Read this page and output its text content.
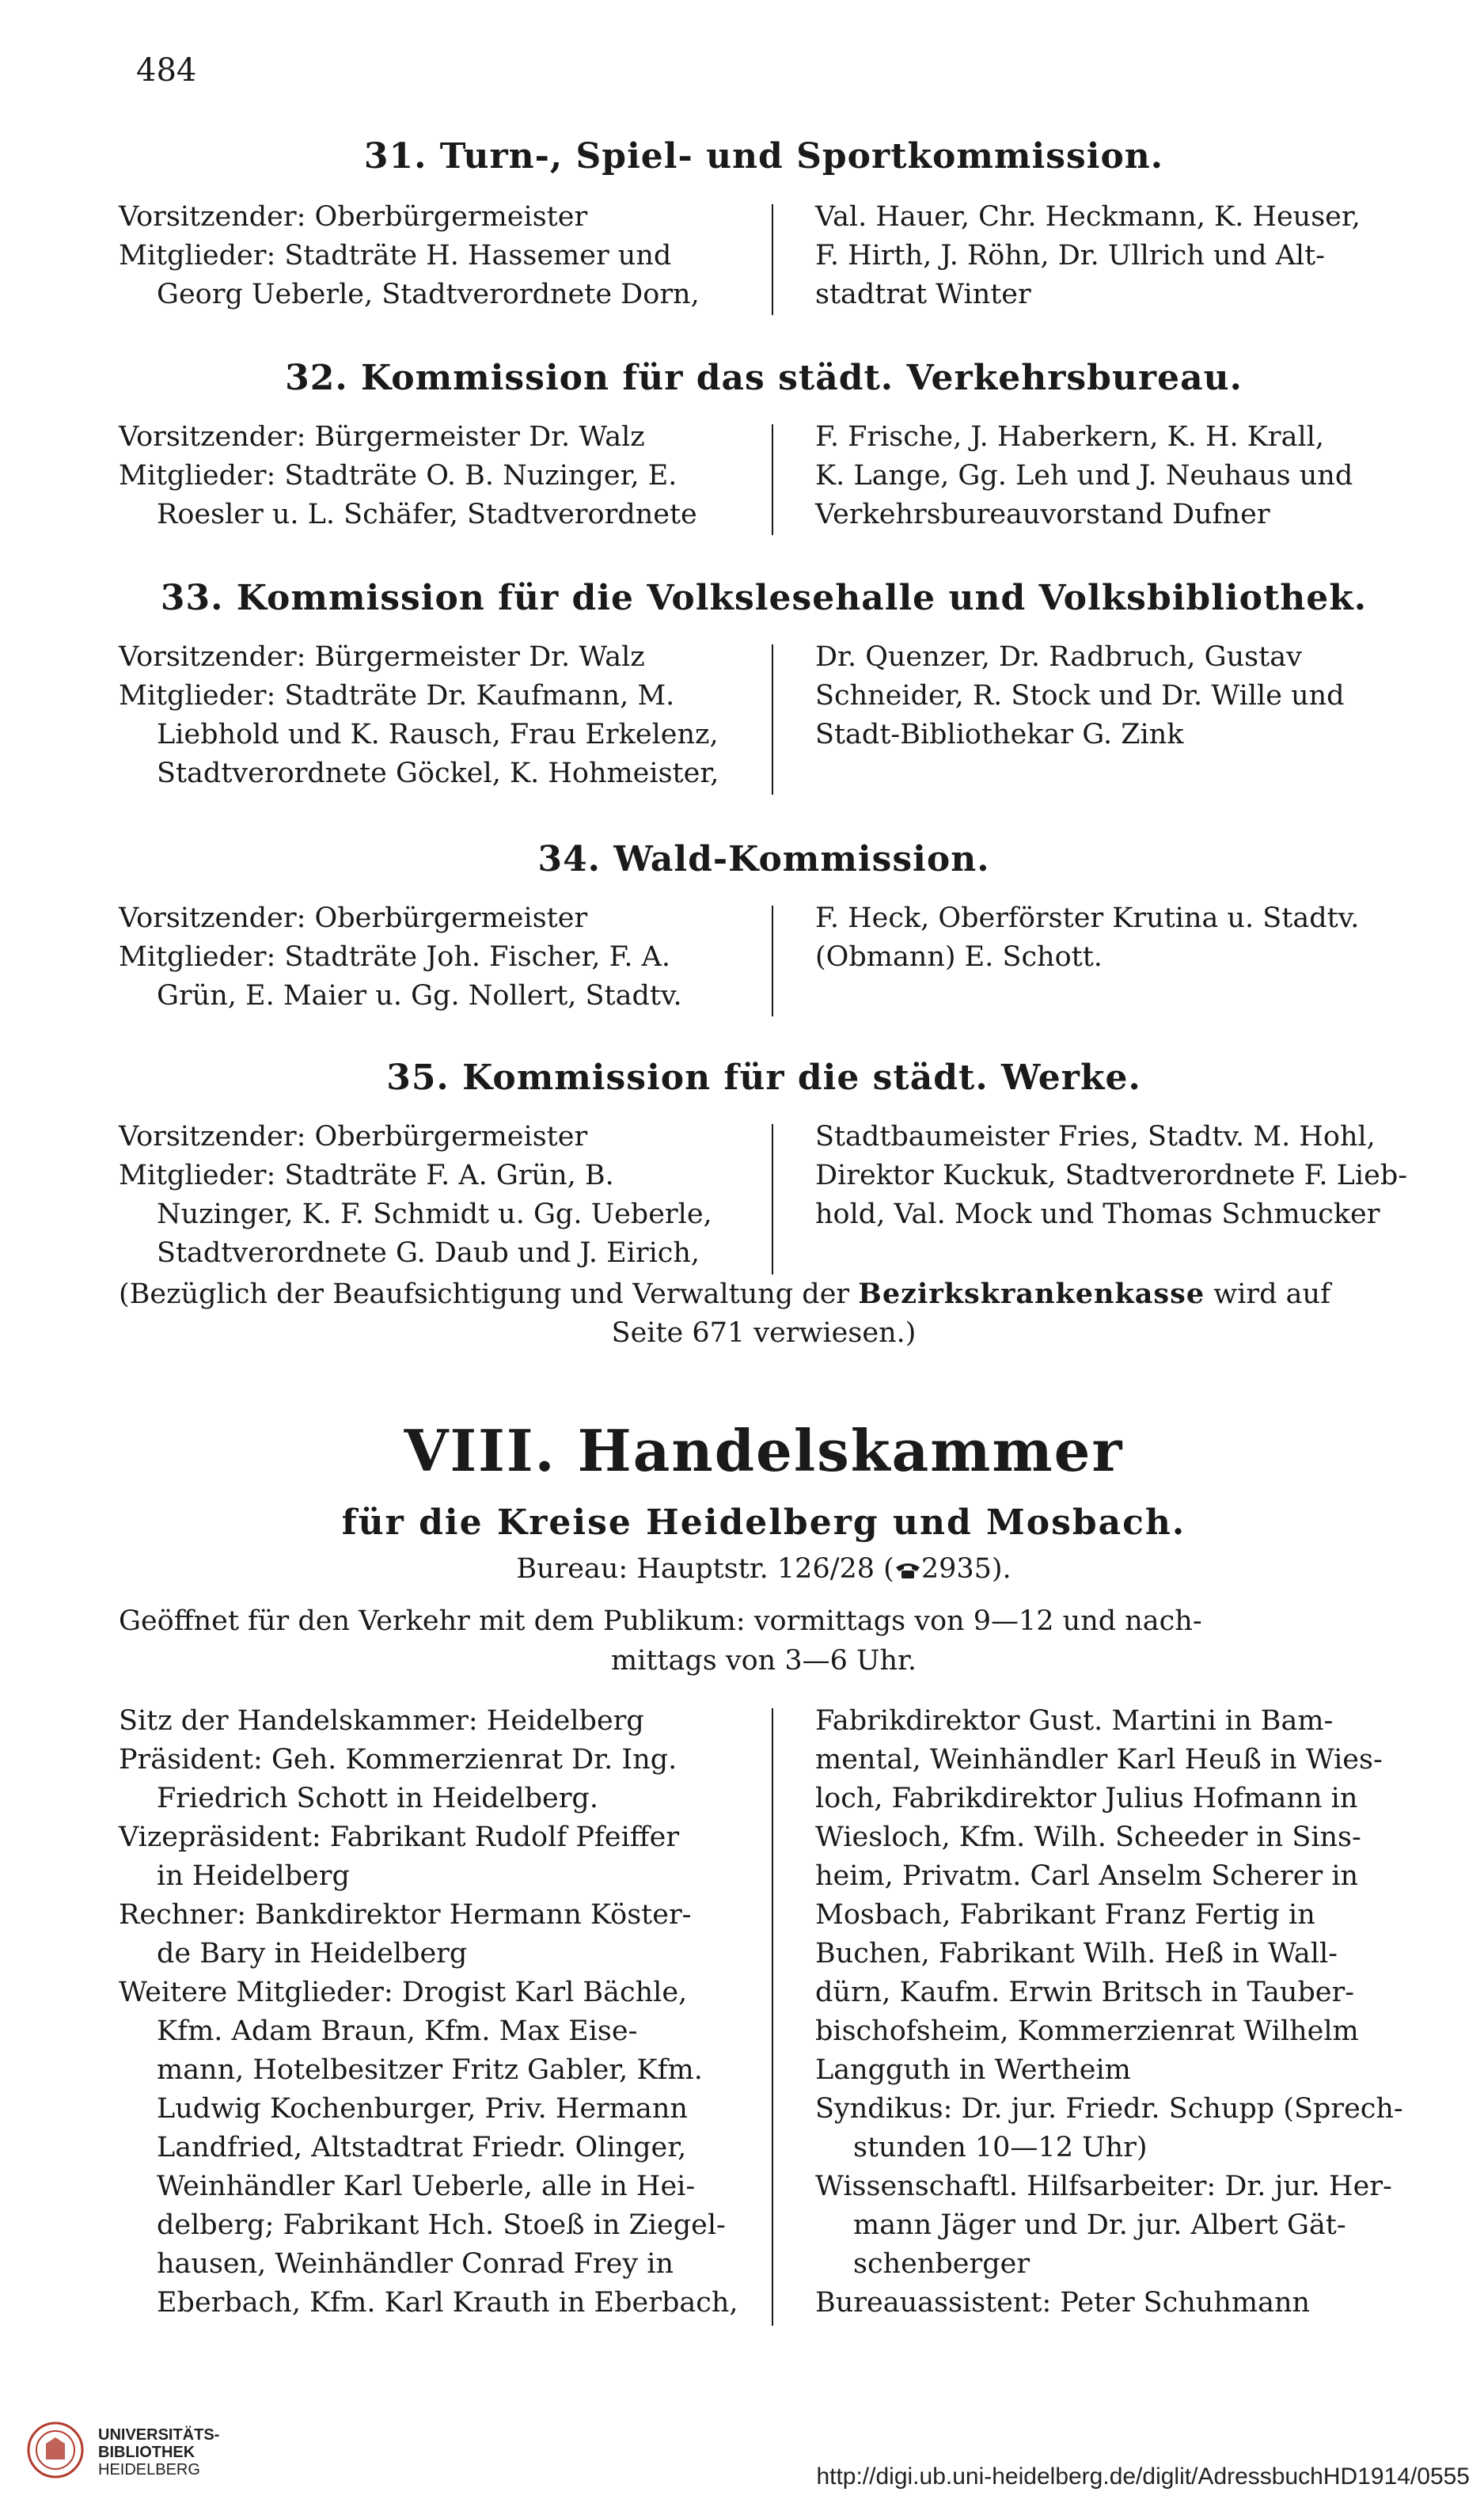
484
31. Turn-, Spiel- und Sportkommission.
Vorsitzender: Oberbürgermeister
Mitglieder: Stadträte H. Hassemer und
Georg Ueberle, Stadtverordnete Dorn,
Val. Hauer, Chr. Heckmann, K. Heuser,
F. Hirth, J. Röhn, Dr. Ullrich und Alt-
stadtrat Winter
32. Kommission für das städt. Verkehrsbureau.
Vorsitzender: Bürgermeister Dr. Walz
Mitglieder: Stadträte O. B. Nuzinger, E.
Roesler u. L. Schäfer, Stadtverordnete
F. Frische, J. Haberkern, K. H. Krall,
K. Lange, Gg. Leh und J. Neuhaus und
Verkehrsbureauvorstand Dufner
33. Kommission für die Volkslesehalle und Volksbibliothek.
Vorsitzender: Bürgermeister Dr. Walz
Mitglieder: Stadträte Dr. Kaufmann, M.
Liebhold und K. Rausch, Frau Erkelenz,
Stadtverordnete Göckel, K. Hohmeister,
Dr. Quenzer, Dr. Radbruch, Gustav
Schneider, R. Stock und Dr. Wille und
Stadt-Bibliothekar G. Zink
34. Wald-Kommission.
Vorsitzender: Oberbürgermeister
Mitglieder: Stadträte Joh. Fischer, F. A.
Grün, E. Maier u. Gg. Nollert, Stadtv.
F. Heck, Oberförster Krutina u. Stadtv.
(Obmann) E. Schott.
35. Kommission für die städt. Werke.
Vorsitzender: Oberbürgermeister
Mitglieder: Stadträte F. A. Grün, B.
Nuzinger, K. F. Schmidt u. Gg. Ueberle,
Stadtverordnete G. Daub und J. Eirich,
Stadtbaumeister Fries, Stadtv. M. Hohl,
Direktor Kuckuk, Stadtverordnete F. Lieb-
hold, Val. Mock und Thomas Schmucker
(Bezüglich der Beaufsichtigung und Verwaltung der Bezirkskrankenkasse wird auf
Seite 671 verwiesen.)
VIII. Handelskammer
für die Kreise Heidelberg und Mosbach.
Bureau: Hauptstr. 126/28 ( 2935).
Geöffnet für den Verkehr mit dem Publikum: vormittags von 9—12 und nach-
mittags von 3—6 Uhr.
Sitz der Handelskammer: Heidelberg
Präsident: Geh. Kommerzienrat Dr. Ing.
Friedrich Schott in Heidelberg.
Vizepräsident: Fabrikant Rudolf Pfeiffer
in Heidelberg
Rechner: Bankdirektor Hermann Köster-
de Bary in Heidelberg
Weitere Mitglieder: Drogist Karl Bächle,
Kfm. Adam Braun, Kfm. Max Eise-
mann, Hotelbesitzer Fritz Gabler, Kfm.
Ludwig Kochenburger, Priv. Hermann
Landfried, Altstadtrat Friedr. Olinger,
Weinhändler Karl Ueberle, alle in Hei-
delberg; Fabrikant Hch. Stoeß in Ziegel-
hausen, Weinhändler Conrad Frey in
Eberbach, Kfm. Karl Krauth in Eberbach,
Fabrikdirektor Gust. Martini in Bam-
mental, Weinhändler Karl Heuß in Wies-
loch, Fabrikdirektor Julius Hofmann in
Wiesloch, Kfm. Wilh. Scheeder in Sins-
heim, Privatm. Carl Anselm Scherer in
Mosbach, Fabrikant Franz Fertig in
Buchen, Fabrikant Wilh. Heß in Wall-
dürn, Kaufm. Erwin Britsch in Tauber-
bischofsheim, Kommerzienrat Wilhelm
Langguth in Wertheim
Syndikus: Dr. jur. Friedr. Schupp (Sprech-
stunden 10—12 Uhr)
Wissenschaftl. Hilfsarbeiter: Dr. jur. Her-
mann Jäger und Dr. jur. Albert Gät-
schenberger
Bureauassistent: Peter Schuhmann
UNIVERSITÄTS-
BIBLIOTHEK
HEIDELBERG	http://digi.ub.uni-heidelberg.de/diglit/AdressbuchHD1914/0555
